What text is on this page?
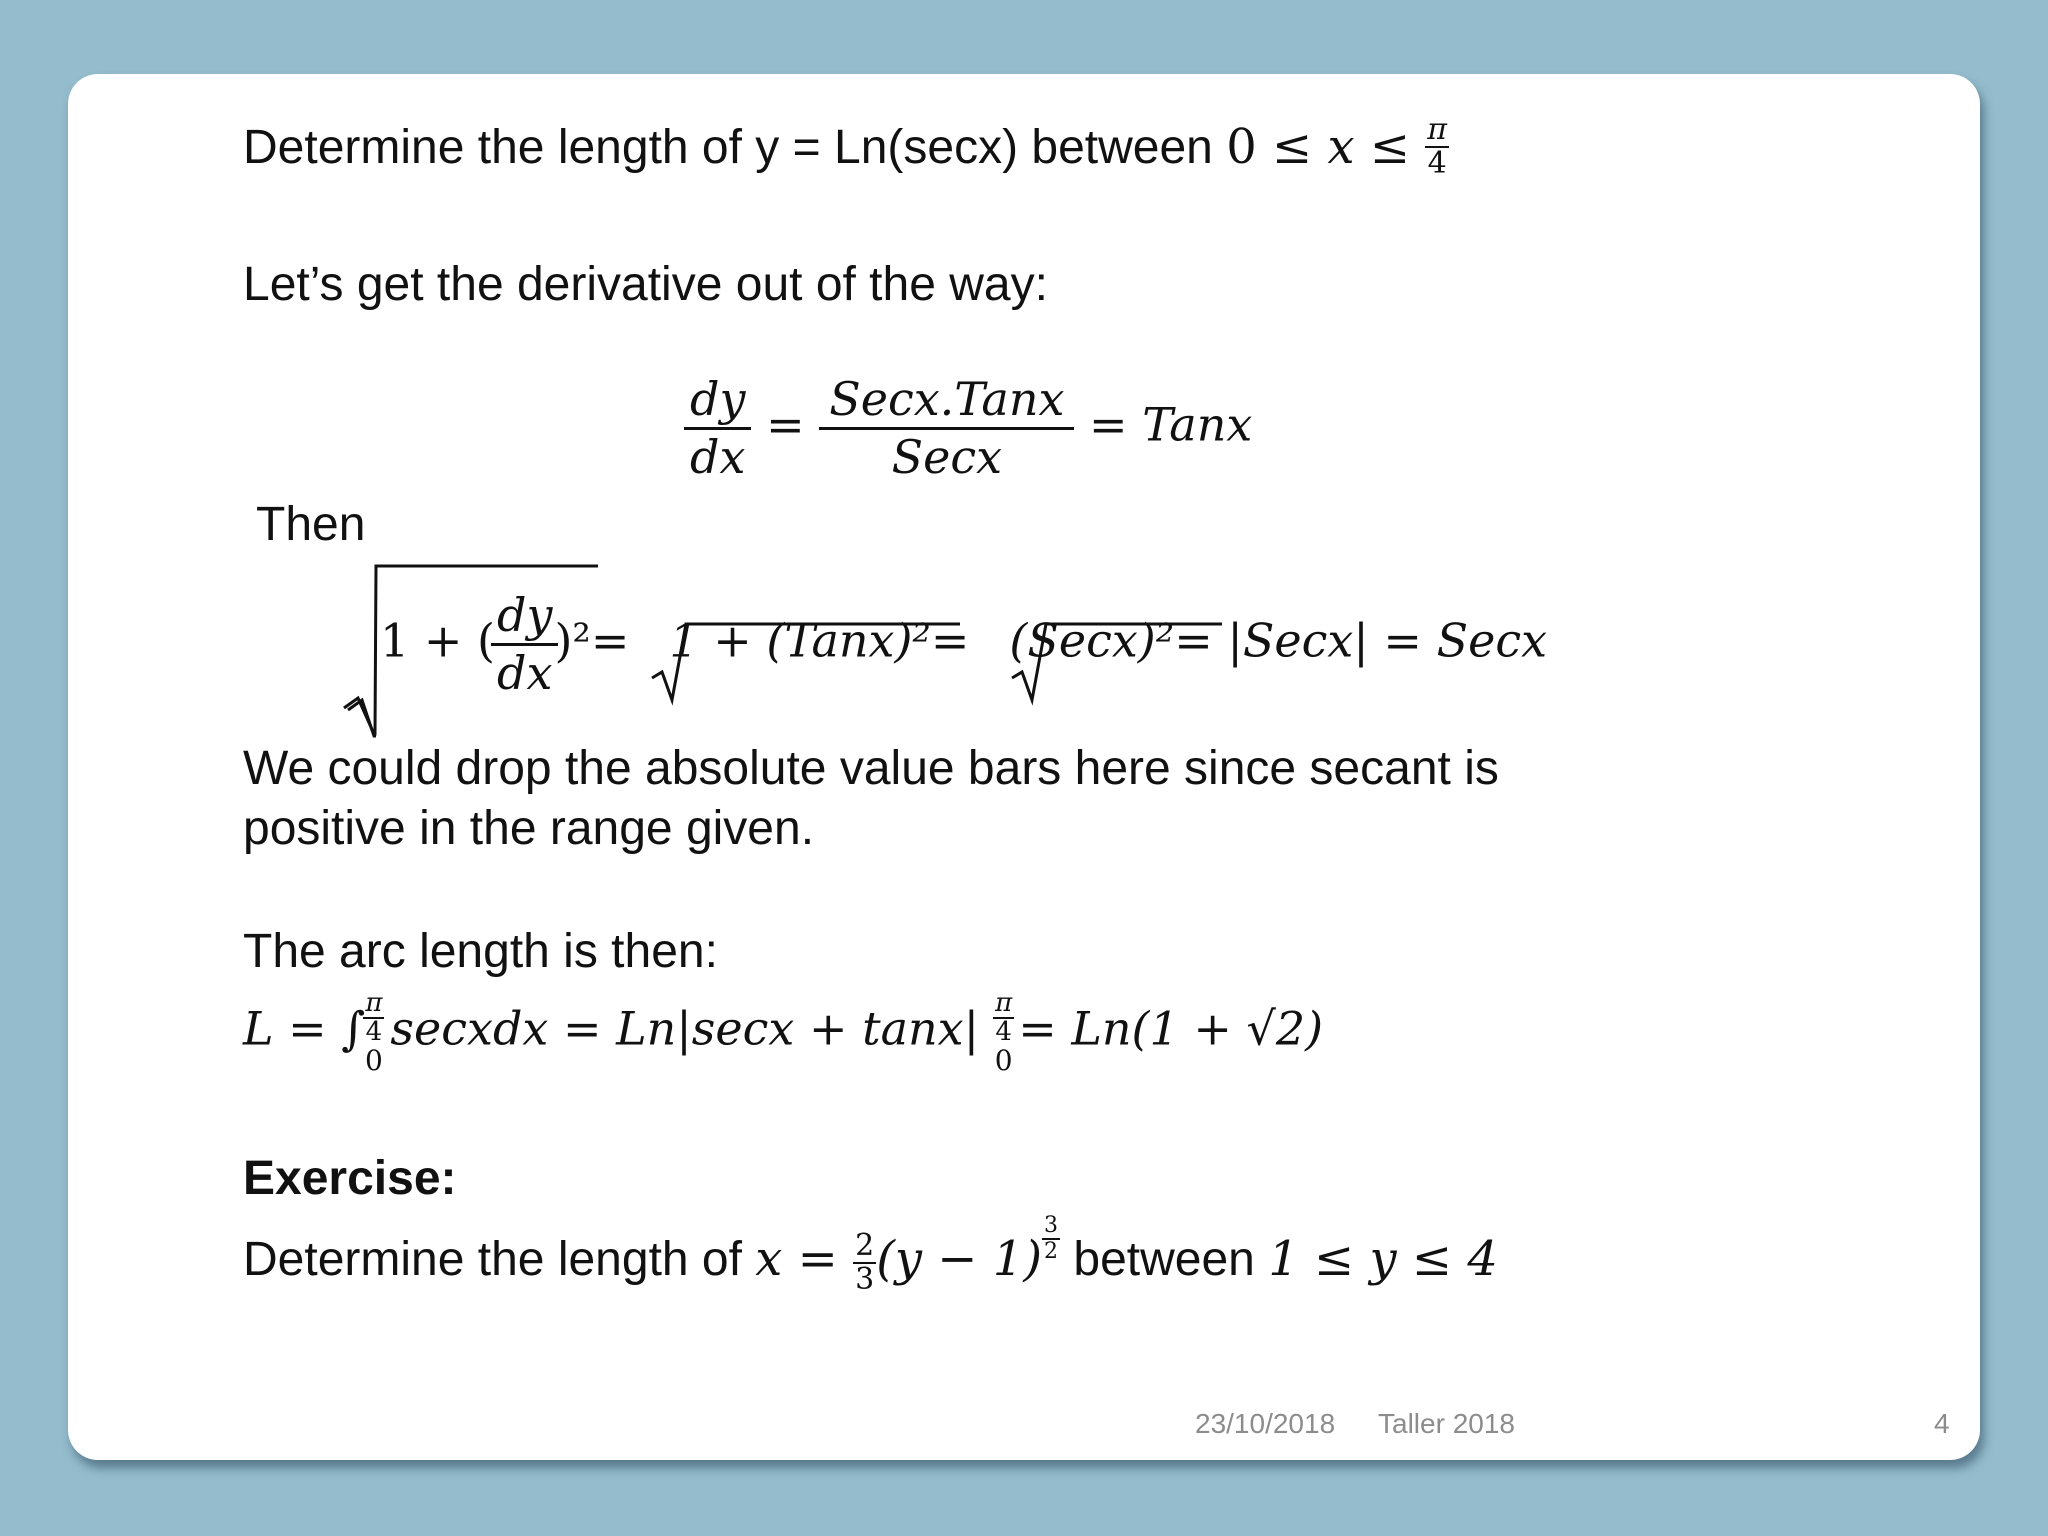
Determine the length of y = Ln(secx) between $0 \le x \le \frac{\pi}{4}$
Let’s get the derivative out of the way:
$\frac{dy}{dx} = \frac{\text{Secx.Tanx}}{\text{Secx}}$ = Tanx
Then
1 + (
$\frac{dy}{dx}$
)²= 1 + (Tanx)²= (Secx)²= |Secx| = Secx
We could drop the absolute value bars here since secant is
positive in the range given.
The arc length is then:
L = ∫
$\frac{\pi}{4}$

0secxdx = $Ln|\sec x + \tan x| \frac{\pi}{4}$

0= Ln(1 + √2)
Exercise:
Determine the length of $x = \frac{2}{3} (y - 1) \frac{3}{2}$ between 1 ≤ y ≤ 4
23/10/2018 Taller 2018	4
